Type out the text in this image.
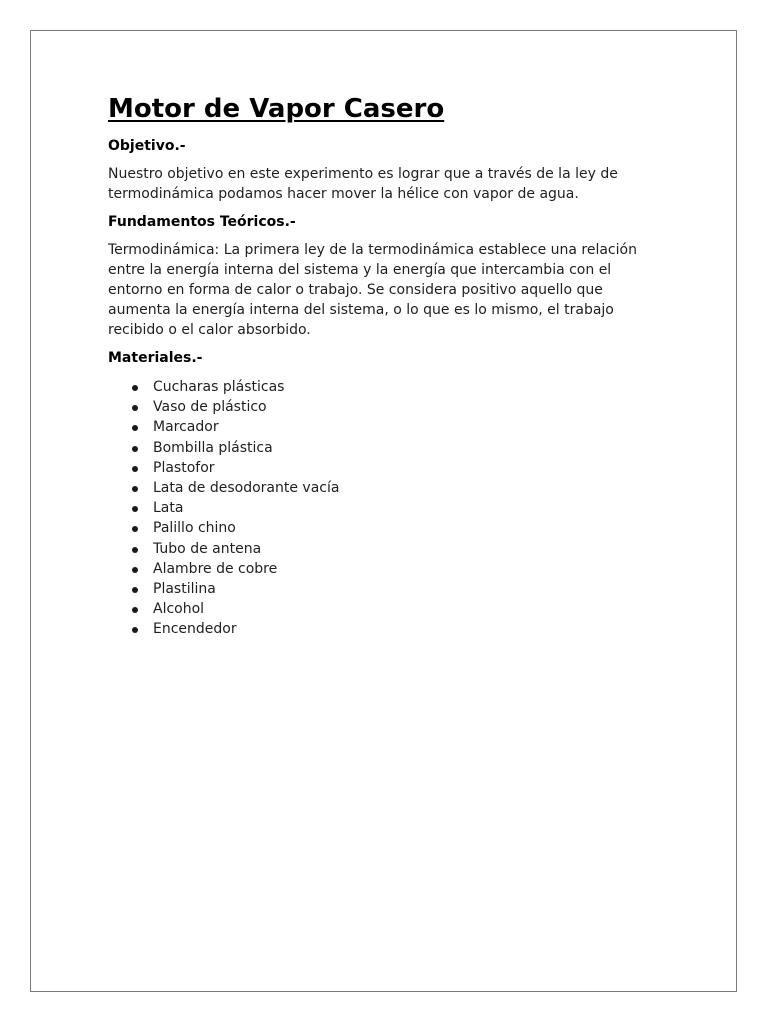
Motor de Vapor Casero
Objetivo.-

Nuestro objetivo en este experimento es lograr que a través de la ley de termodinámica podamos hacer mover la hélice con vapor de agua.

Fundamentos Teóricos.-

Termodinámica: La primera ley de la termodinámica establece una relación entre la energía interna del sistema y la energía que intercambia con el entorno en forma de calor o trabajo. Se considera positivo aquello que aumenta la energía interna del sistema, o lo que es lo mismo, el trabajo recibido o el calor absorbido.

Materiales.-
Cucharas plásticas
Vaso de plástico
Marcador
Bombilla plástica
Plastofor
Lata de desodorante vacía
Lata
Palillo chino
Tubo de antena
Alambre de cobre
Plastilina
Alcohol
Encendedor
